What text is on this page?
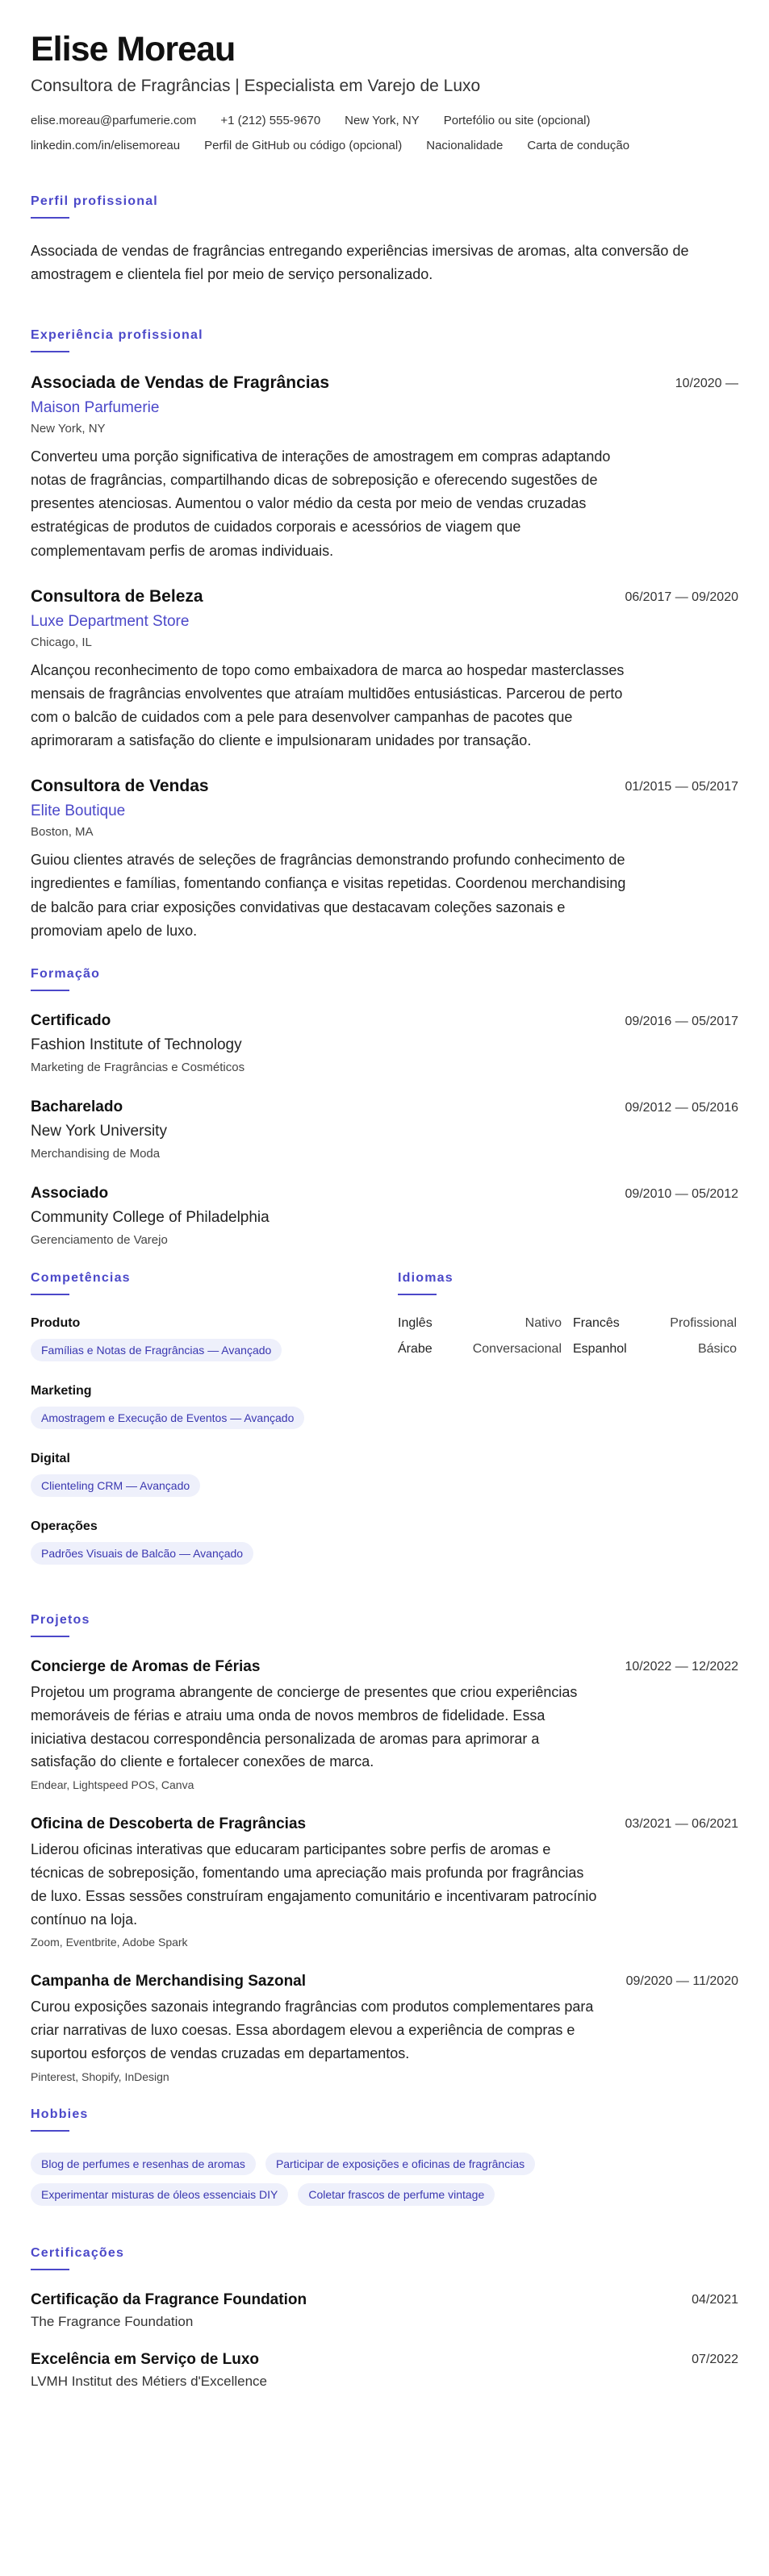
Elise Moreau
Consultora de Fragrâncias | Especialista em Varejo de Luxo
elise.moreau@parfumerie.com +1 (212) 555-9670 New York, NY Portefólio ou site (opcional)
linkedin.com/in/elisemoreau Perfil de GitHub ou código (opcional) Nacionalidade Carta de condução
Perfil profissional

Associada de vendas de fragrâncias entregando experiências imersivas de aromas, alta conversão de amostragem e clientela fiel por meio de serviço personalizado.

Experiência profissional
Associada de Vendas de Fragrâncias	10/2020 —
Maison Parfumerie
New York, NY

Converteu uma porção significativa de interações de amostragem em compras adaptando notas de fragrâncias, compartilhando dicas de sobreposição e oferecendo sugestões de presentes atenciosas. Aumentou o valor médio da cesta por meio de vendas cruzadas estratégicas de produtos de cuidados corporais e acessórios de viagem que complementavam perfis de aromas individuais.

Consultora de Beleza	06/2017 — 09/2020
Luxe Department Store
Chicago, IL

Alcançou reconhecimento de topo como embaixadora de marca ao hospedar masterclasses mensais de fragrâncias envolventes que atraíam multidões entusiásticas. Parcerou de perto com o balcão de cuidados com a pele para desenvolver campanhas de pacotes que aprimoraram a satisfação do cliente e impulsionaram unidades por transação.

Consultora de Vendas	01/2015 — 05/2017
Elite Boutique
Boston, MA

Guiou clientes através de seleções de fragrâncias demonstrando profundo conhecimento de ingredientes e famílias, fomentando confiança e visitas repetidas. Coordenou merchandising de balcão para criar exposições convidativas que destacavam coleções sazonais e promoviam apelo de luxo.

Formação
Certificado	09/2016 — 05/2017
Fashion Institute of Technology
Marketing de Fragrâncias e Cosméticos
Bacharelado	09/2012 — 05/2016
New York University
Merchandising de Moda
Associado	09/2010 — 05/2012
Community College of Philadelphia
Gerenciamento de Varejo
Competências
Produto
Famílias e Notas de Fragrâncias — Avançado
Marketing
Amostragem e Execução de Eventos — Avançado
Digital
Clienteling CRM — Avançado
Operações
Padrões Visuais de Balcão — Avançado
Idiomas
Inglês	Nativo Francês	Profissional
Árabe	Conversacional Espanhol	Básico
Projetos
Concierge de Aromas de Férias	10/2022 — 12/2022

Projetou um programa abrangente de concierge de presentes que criou experiências memoráveis de férias e atraiu uma onda de novos membros de fidelidade. Essa iniciativa destacou correspondência personalizada de aromas para aprimorar a satisfação do cliente e fortalecer conexões de marca.

Endear, Lightspeed POS, Canva
Oficina de Descoberta de Fragrâncias	03/2021 — 06/2021

Liderou oficinas interativas que educaram participantes sobre perfis de aromas e técnicas de sobreposição, fomentando uma apreciação mais profunda por fragrâncias de luxo. Essas sessões construíram engajamento comunitário e incentivaram patrocínio contínuo na loja.

Zoom, Eventbrite, Adobe Spark
Campanha de Merchandising Sazonal	09/2020 — 11/2020

Curou exposições sazonais integrando fragrâncias com produtos complementares para criar narrativas de luxo coesas. Essa abordagem elevou a experiência de compras e suportou esforços de vendas cruzadas em departamentos.

Pinterest, Shopify, InDesign
Hobbies
Blog de perfumes e resenhas de aromas	Participar de exposições e oficinas de fragrâncias
Experimentar misturas de óleos essenciais DIY	Coletar frascos de perfume vintage
Certificações
Certificação da Fragrance Foundation	04/2021
The Fragrance Foundation
Excelência em Serviço de Luxo	07/2022
LVMH Institut des Métiers d'Excellence
